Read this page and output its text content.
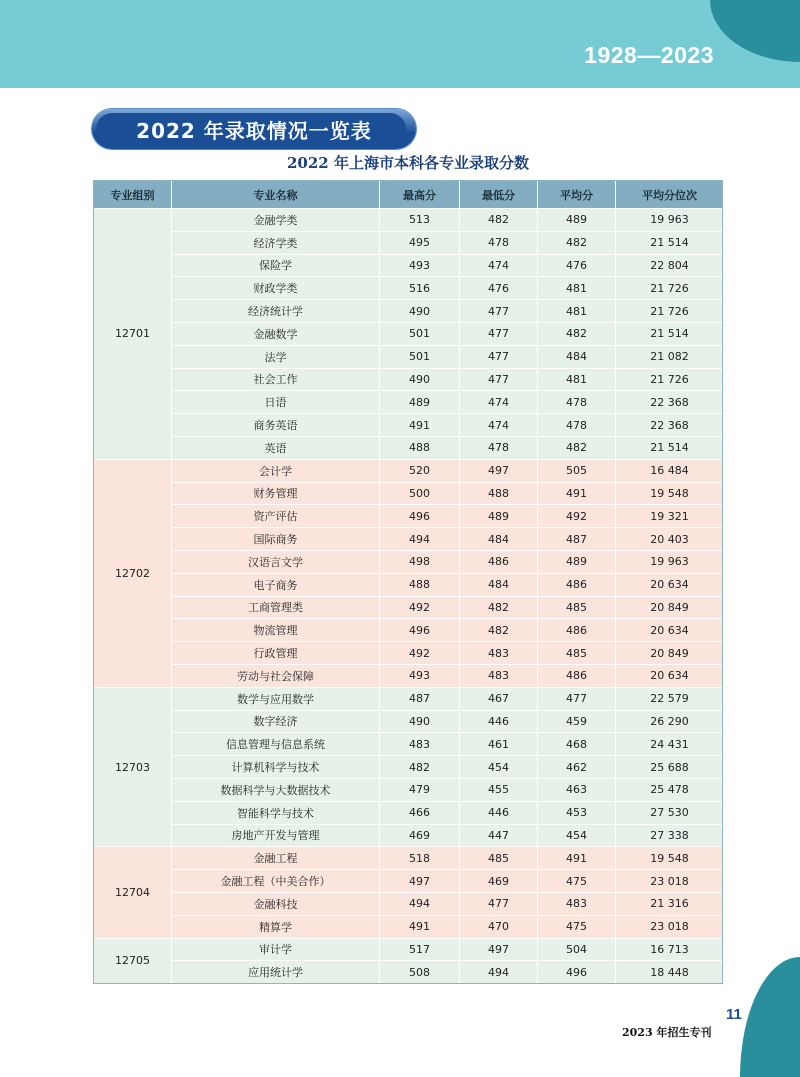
1928—2023
2022 年录取情况一览表
2022 年上海市本科各专业录取分数
专业组别	专业名称	最高分	最低分	平均分	平均分位次
12701	金融学类	513	482	489	19 963
	经济学类	495	478	482	21 514
	保险学	493	474	476	22 804
	财政学类	516	476	481	21 726
	经济统计学	490	477	481	21 726
	金融数学	501	477	482	21 514
	法学	501	477	484	21 082
	社会工作	490	477	481	21 726
	日语	489	474	478	22 368
	商务英语	491	474	478	22 368
	英语	488	478	482	21 514
12702	会计学	520	497	505	16 484
	财务管理	500	488	491	19 548
	资产评估	496	489	492	19 321
	国际商务	494	484	487	20 403
	汉语言文学	498	486	489	19 963
	电子商务	488	484	486	20 634
	工商管理类	492	482	485	20 849
	物流管理	496	482	486	20 634
	行政管理	492	483	485	20 849
	劳动与社会保障	493	483	486	20 634
12703	数学与应用数学	487	467	477	22 579
	数字经济	490	446	459	26 290
	信息管理与信息系统	483	461	468	24 431
	计算机科学与技术	482	454	462	25 688
	数据科学与大数据技术	479	455	463	25 478
	智能科学与技术	466	446	453	27 530
	房地产开发与管理	469	447	454	27 338
12704	金融工程	518	485	491	19 548
	金融工程（中美合作）	497	469	475	23 018
	金融科技	494	477	483	21 316
	精算学	491	470	475	23 018
12705	审计学	517	497	504	16 713
	应用统计学	508	494	496	18 448
11
2023 年招生专刊
